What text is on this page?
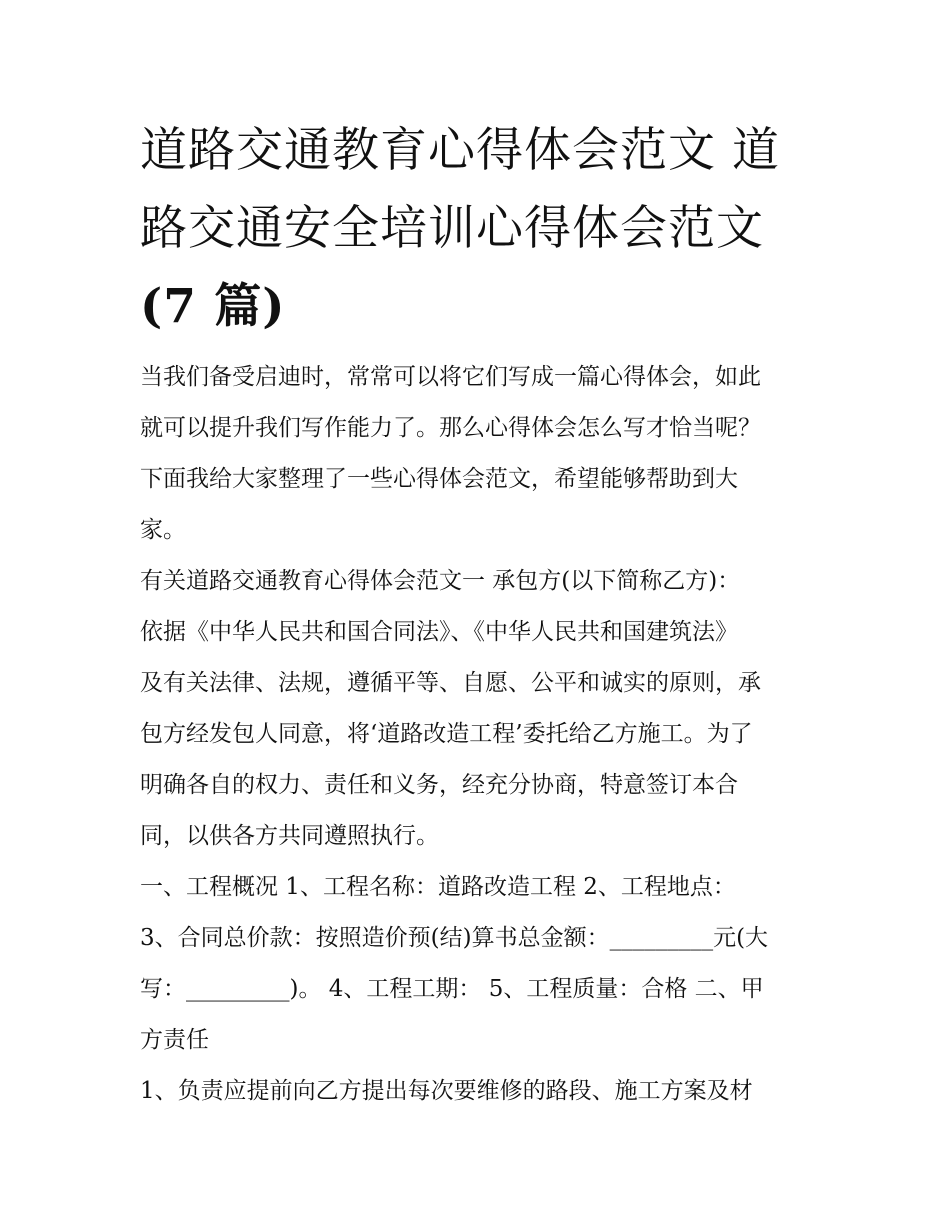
道路交通教育心得体会范文 道
路交通安全培训心得体会范文
(7 篇)

当我们备受启迪时，常常可以将它们写成一篇心得体会，如此
就可以提升我们写作能力了。那么心得体会怎么写才恰当呢？
下面我给大家整理了一些心得体会范文，希望能够帮助到大
家。

有关道路交通教育心得体会范文一 承包方(以下简称乙方)：

依据《中华人民共和国合同法》、《中华人民共和国建筑法》
及有关法律、法规，遵循平等、自愿、公平和诚实的原则，承
包方经发包人同意，将‘道路改造工程’委托给乙方施工。为了
明确各自的权力、责任和义务，经充分协商，特意签订本合
同，以供各方共同遵照执行。

一、工程概况 1、工程名称：道路改造工程 2、工程地点：
3、合同总价款：按照造价预(结)算书总金额：_________元(大
写：_________)。 4、工程工期： 5、工程质量：合格 二、甲
方责任

1、负责应提前向乙方提出每次要维修的路段、施工方案及材
